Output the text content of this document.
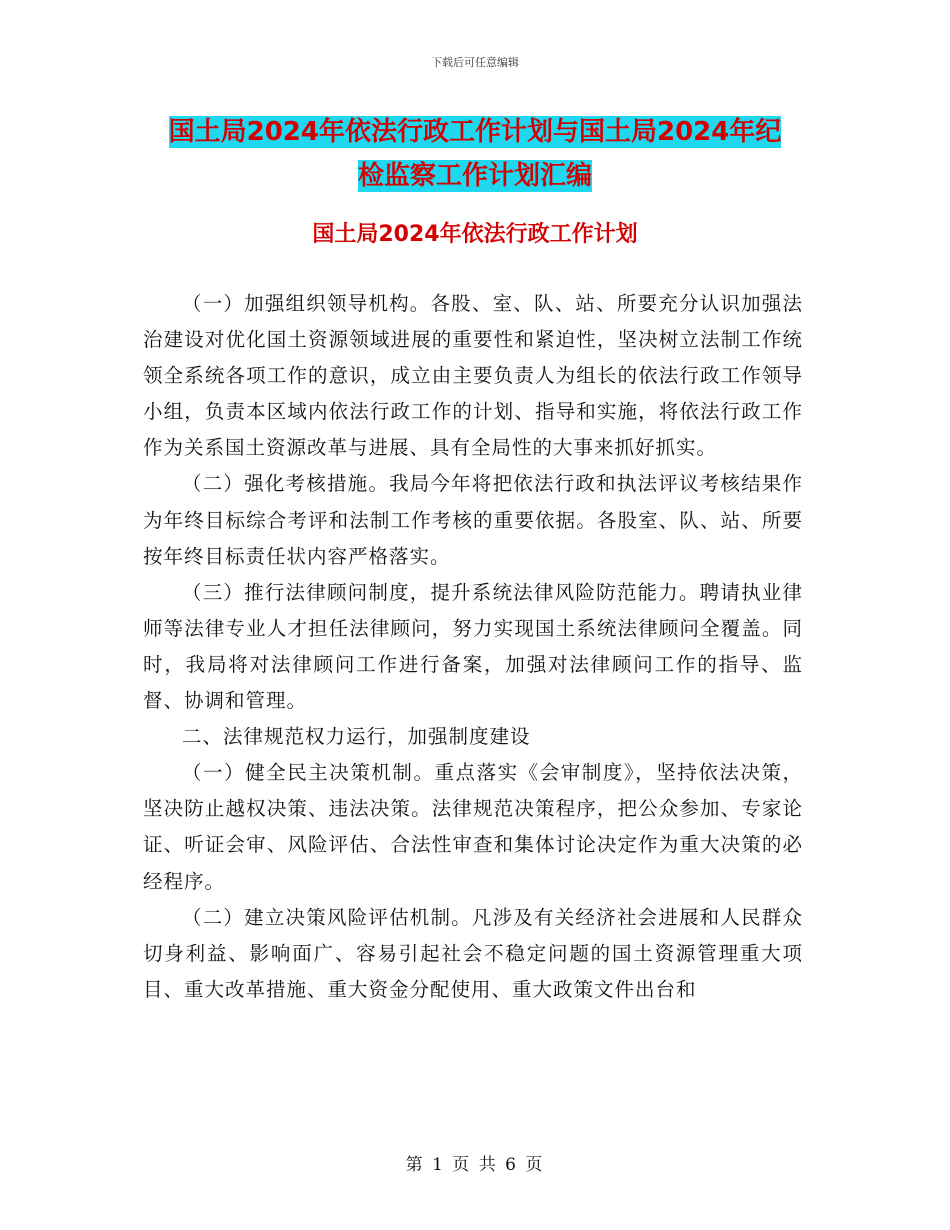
下载后可任意编辑
国土局2024年依法行政工作计划与国土局2024年纪
检监察工作计划汇编
国土局2024年依法行政工作计划

（一）加强组织领导机构。各股、室、队、站、所要充分认识加强法治建设对优化国土资源领域进展的重要性和紧迫性，坚决树立法制工作统领全系统各项工作的意识，成立由主要负责人为组长的依法行政工作领导小组，负责本区域内依法行政工作的计划、指导和实施，将依法行政工作作为关系国土资源改革与进展、具有全局性的大事来抓好抓实。

（二）强化考核措施。我局今年将把依法行政和执法评议考核结果作为年终目标综合考评和法制工作考核的重要依据。各股室、队、站、所要按年终目标责任状内容严格落实。

（三）推行法律顾问制度，提升系统法律风险防范能力。聘请执业律师等法律专业人才担任法律顾问，努力实现国土系统法律顾问全覆盖。同时，我局将对法律顾问工作进行备案，加强对法律顾问工作的指导、监督、协调和管理。

二、法律规范权力运行，加强制度建设

（一）健全民主决策机制。重点落实《会审制度》，坚持依法决策，坚决防止越权决策、违法决策。法律规范决策程序，把公众参加、专家论证、听证会审、风险评估、合法性审查和集体讨论决定作为重大决策的必经程序。

（二）建立决策风险评估机制。凡涉及有关经济社会进展和人民群众切身利益、影响面广、容易引起社会不稳定问题的国土资源管理重大项目、重大改革措施、重大资金分配使用、重大政策文件出台和

第 1 页 共 6 页
